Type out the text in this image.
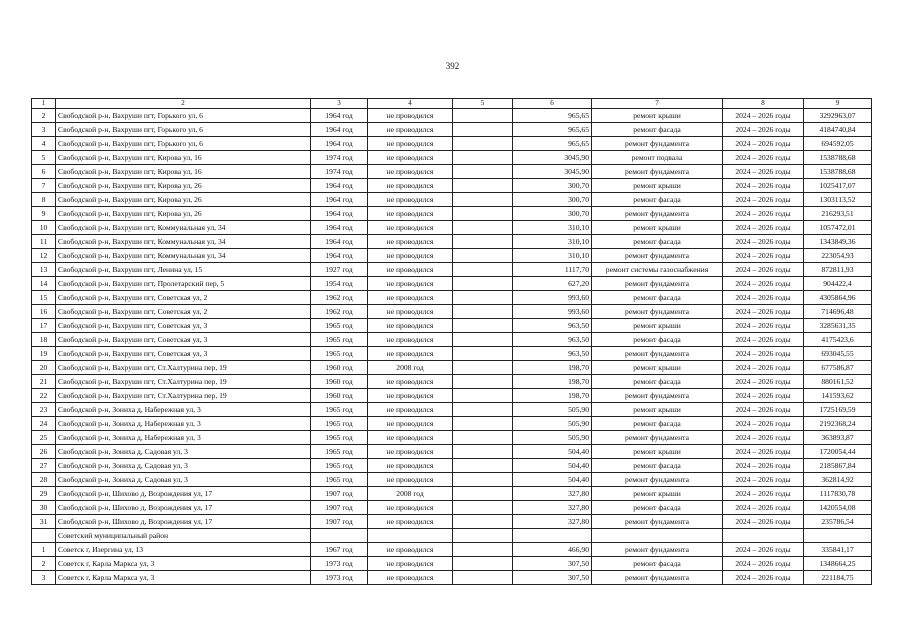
392
1	2	3	4	5	6	7	8	9
2	Свободской р-н, Вахруши пгт, Горького ул, 6	1964 год	не проводился		965,65	ремонт крыши	2024 – 2026 годы	3292963,07
3	Свободской р-н, Вахруши пгт, Горького ул, 6	1964 год	не проводился		965,65	ремонт фасада	2024 – 2026 годы	4184740,84
4	Свободской р-н, Вахруши пгт, Горького ул, 6	1964 год	не проводился		965,65	ремонт фундамента	2024 – 2026 годы	694592,05
5	Свободской р-н, Вахруши пгт, Кирова ул, 16	1974 год	не проводился		3045,90	ремонт подвала	2024 – 2026 годы	1538788,68
6	Свободской р-н, Вахруши пгт, Кирова ул, 16	1974 год	не проводился		3045,90	ремонт фундамента	2024 – 2026 годы	1538788,68
7	Свободской р-н, Вахруши пгт, Кирова ул, 26	1964 год	не проводился		300,70	ремонт крыши	2024 – 2026 годы	1025417,07
8	Свободской р-н, Вахруши пгт, Кирова ул, 26	1964 год	не проводился		300,70	ремонт фасада	2024 – 2026 годы	1303113,52
9	Свободской р-н, Вахруши пгт, Кирова ул, 26	1964 год	не проводился		300,70	ремонт фундамента	2024 – 2026 годы	216293,51
10	Свободской р-н, Вахруши пгт, Коммунальная ул, 34	1964 год	не проводился		310,10	ремонт крыши	2024 – 2026 годы	1057472,01
11	Свободской р-н, Вахруши пгт, Коммунальная ул, 34	1964 год	не проводился		310,10	ремонт фасада	2024 – 2026 годы	1343849,36
12	Свободской р-н, Вахруши пгт, Коммунальная ул, 34	1964 год	не проводился		310,10	ремонт фундамента	2024 – 2026 годы	223054,93
13	Свободской р-н, Вахруши пгт, Ленина ул, 15	1927 год	не проводился		1117,70	ремонт системы газоснабжения	2024 – 2026 годы	872811,93
14	Свободской р-н, Вахруши пгт, Пролетарский пер, 5	1954 год	не проводился		627,20	ремонт фундамента	2024 – 2026 годы	904422,4
15	Свободской р-н, Вахруши пгт, Советская ул, 2	1962 год	не проводился		993,60	ремонт фасада	2024 – 2026 годы	4305864,96
16	Свободской р-н, Вахруши пгт, Советская ул, 2	1962 год	не проводился		993,60	ремонт фундамента	2024 – 2026 годы	714696,48
17	Свободской р-н, Вахруши пгт, Советская ул, 3	1965 год	не проводился		963,50	ремонт крыши	2024 – 2026 годы	3285631,35
18	Свободской р-н, Вахруши пгт, Советская ул, 3	1965 год	не проводился		963,50	ремонт фасада	2024 – 2026 годы	4175423,6
19	Свободской р-н, Вахруши пгт, Советская ул, 3	1965 год	не проводился		963,50	ремонт фундамента	2024 – 2026 годы	693045,55
20	Свободской р-н, Вахруши пгт, Ст.Халтурина пер, 19	1960 год	2008 год		198,70	ремонт крыши	2024 – 2026 годы	677586,87
21	Свободской р-н, Вахруши пгт, Ст.Халтурина пер, 19	1960 год	не проводился		198,70	ремонт фасада	2024 – 2026 годы	880161,52
22	Свободской р-н, Вахруши пгт, Ст.Халтурина пер, 19	1960 год	не проводился		198,70	ремонт фундамента	2024 – 2026 годы	141593,62
23	Свободской р-н, Зониха д, Набережная ул, 3	1965 год	не проводился		505,90	ремонт крыши	2024 – 2026 годы	1725169,59
24	Свободской р-н, Зониха д, Набережная ул, 3	1965 год	не проводился		505,90	ремонт фасада	2024 – 2026 годы	2192368,24
25	Свободской р-н, Зониха д, Набережная ул, 3	1965 год	не проводился		505,90	ремонт фундамента	2024 – 2026 годы	363893,87
26	Свободской р-н, Зониха д, Садовая ул, 3	1965 год	не проводился		504,40	ремонт крыши	2024 – 2026 годы	1720054,44
27	Свободской р-н, Зониха д, Садовая ул, 3	1965 год	не проводился		504,40	ремонт фасада	2024 – 2026 годы	2185867,84
28	Свободской р-н, Зониха д, Садовая ул, 3	1965 год	не проводился		504,40	ремонт фундамента	2024 – 2026 годы	362814,92
29	Свободской р-н, Шихово д, Возрождения ул, 17	1907 год	2008 год		327,80	ремонт крыши	2024 – 2026 годы	1117830,78
30	Свободской р-н, Шихово д, Возрождения ул, 17	1907 год	не проводился		327,80	ремонт фасада	2024 – 2026 годы	1420554,08
31	Свободской р-н, Шихово д, Возрождения ул, 17	1907 год	не проводился		327,80	ремонт фундамента	2024 – 2026 годы	235786,54
	Советский муниципальный район							
1	Советск г, Изергина ул, 13	1967 год	не проводился		466,90	ремонт фундамента	2024 – 2026 годы	335841,17
2	Советск г, Карла Маркса ул, 3	1973 год	не проводился		307,50	ремонт фасада	2024 – 2026 годы	1348664,25
3	Советск г, Карла Маркса ул, 3	1973 год	не проводился		307,50	ремонт фундамента	2024 – 2026 годы	221184,75
